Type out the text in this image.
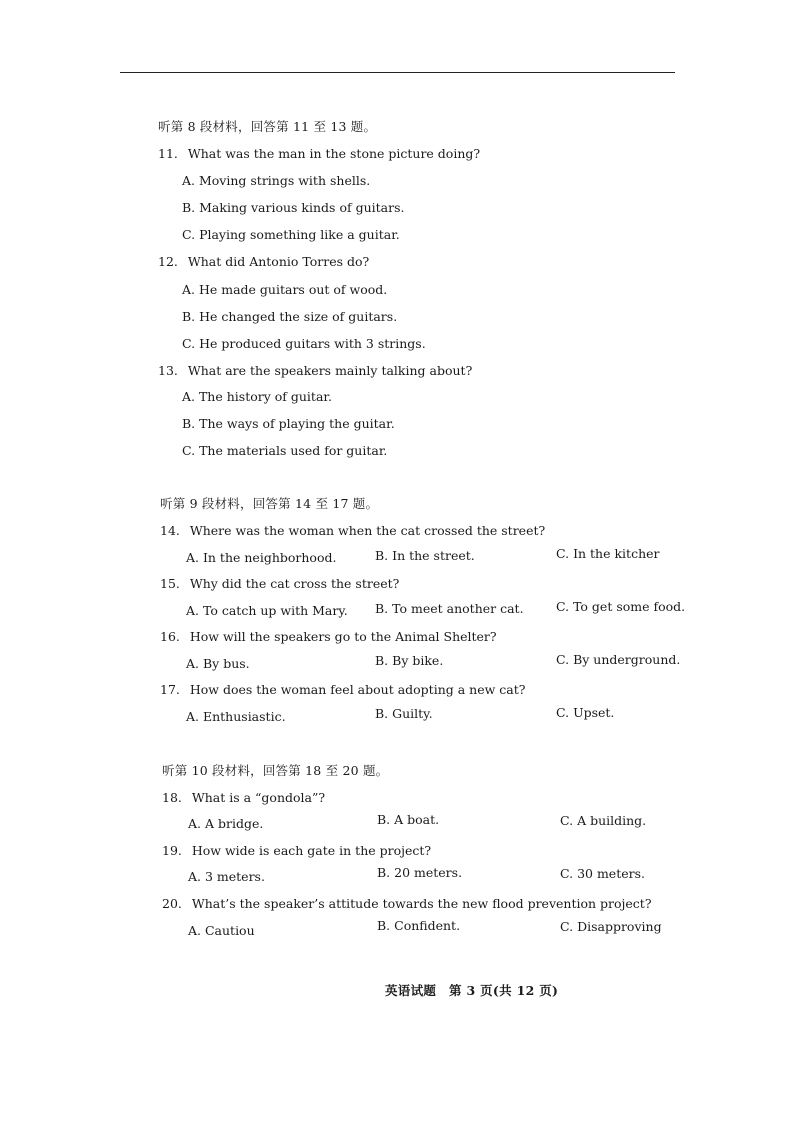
听第 8 段材料，回答第 11 至 13 题。
11. What was the man in the stone picture doing?
A. Moving strings with shells.
B. Making various kinds of guitars.
C. Playing something like a guitar.
12. What did Antonio Torres do?
A. He made guitars out of wood.
B. He changed the size of guitars.
C. He produced guitars with 3 strings.
13. What are the speakers mainly talking about?
A. The history of guitar.
B. The ways of playing the guitar.
C. The materials used for guitar.
听第 9 段材料，回答第 14 至 17 题。
14. Where was the woman when the cat crossed the street?
A. In the neighborhood.	B. In the street.	C. In the kitcher
15. Why did the cat cross the street?
A. To catch up with Mary. B. To meet another cat.	C. To get some food.
16. How will the speakers go to the Animal Shelter?
A. By bus.	B. By bike.	C. By underground.
17. How does the woman feel about adopting a new cat?
A. Enthusiastic.	B. Guilty.	C. Upset.
听第 10 段材料，回答第 18 至 20 题。
18. What is a “gondola”?
A. A bridge.	B. A boat.	C. A building.
19. How wide is each gate in the project?
A. 3 meters.	B. 20 meters.	C. 30 meters.
20. What’s the speaker’s attitude towards the new flood prevention project?
A. Cautiou	B. Confident.	C. Disapproving
英语试题　第 3 页(共 12 页)
